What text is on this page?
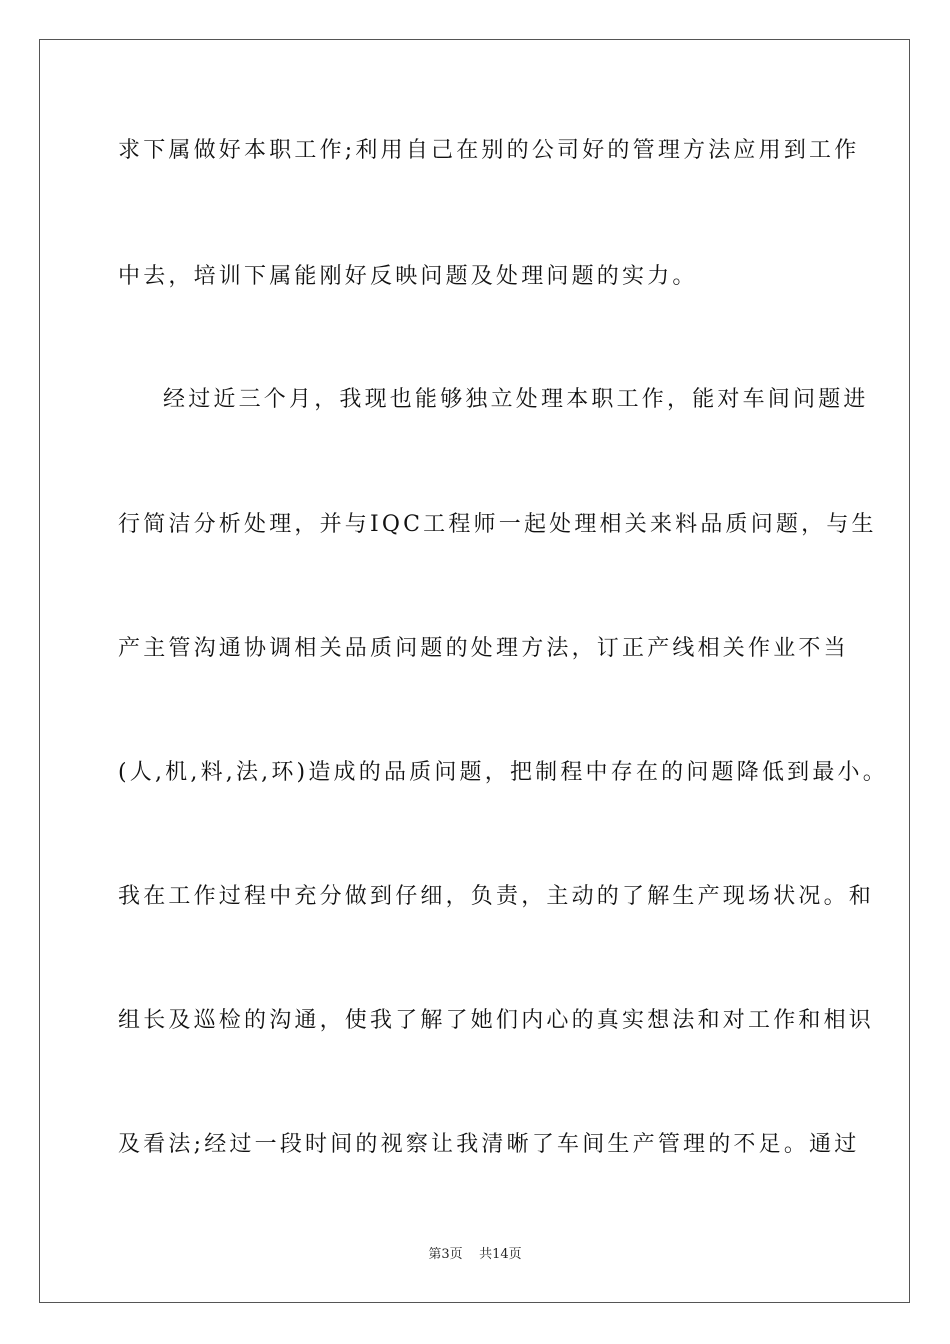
求下属做好本职工作;利用自己在别的公司好的管理方法应用到工作
中去，培训下属能刚好反映问题及处理问题的实力。
经过近三个月，我现也能够独立处理本职工作，能对车间问题进
行简洁分析处理，并与IQC工程师一起处理相关来料品质问题，与生
产主管沟通协调相关品质问题的处理方法，订正产线相关作业不当
(人,机,料,法,环)造成的品质问题，把制程中存在的问题降低到最小。
我在工作过程中充分做到仔细，负责，主动的了解生产现场状况。和
组长及巡检的沟通，使我了解了她们内心的真实想法和对工作和相识
及看法;经过一段时间的视察让我清晰了车间生产管理的不足。通过
第3页 共14页
